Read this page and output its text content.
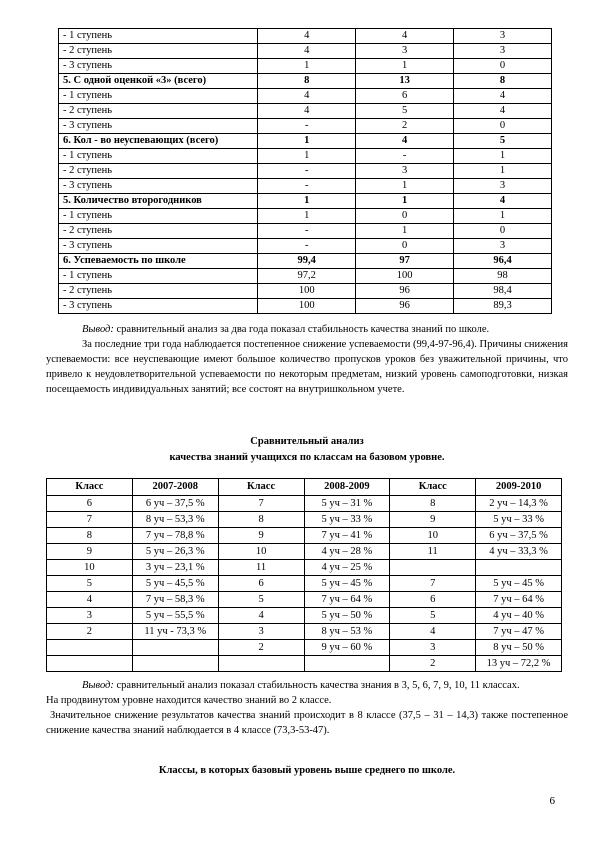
- 1 ступень	4	4	3
- 2 ступень	4	3	3
- 3 ступень	1	1	0
5. С одной оценкой «3» (всего)	8	13	8
- 1 ступень	4	6	4
- 2 ступень	4	5	4
- 3 ступень	-	2	0
6. Кол - во неуспевающих (всего)	1	4	5
- 1 ступень	1	-	1
- 2 ступень	-	3	1
- 3 ступень	-	1	3
5. Количество второгодников	1	1	4
- 1 ступень	1	0	1
- 2 ступень	-	1	0
- 3 ступень	-	0	3
6. Успеваемость по школе	99,4	97	96,4
- 1 ступень	97,2	100	98
- 2 ступень	100	96	98,4
- 3 ступень	100	96	89,3
Вывод: сравнительный анализ за два года показал стабильность качества знаний по школе.
За последние три года наблюдается постепенное снижение успеваемости (99,4-97-96,4). Причины снижения успеваемости: все неуспевающие имеют большое количество пропусков уроков без уважительной причины, что привело к неудовлетворительной успеваемости по некоторым предметам, низкий уровень самоподготовки, низкая посещаемость индивидуальных занятий; все состоят на внутришкольном учете.
Сравнительный анализ
качества знаний учащихся по классам на базовом уровне.
Класс	2007-2008	Класс	2008-2009	Класс	2009-2010
6	6 уч – 37,5 %	7	5 уч – 31 %	8	2 уч – 14,3 %
7	8 уч – 53,3 %	8	5 уч – 33 %	9	5 уч – 33 %
8	7 уч – 78,8 %	9	7 уч – 41 %	10	6 уч – 37,5 %
9	5 уч – 26,3 %	10	4 уч – 28 %	11	4 уч – 33,3 %
10	3 уч – 23,1 %	11	4 уч – 25 %		
5	5 уч – 45,5 %	6	5 уч – 45 %	7	5 уч – 45 %
4	7 уч – 58,3 %	5	7 уч – 64 %	6	7 уч – 64 %
3	5 уч – 55,5 %	4	5 уч – 50 %	5	4 уч – 40 %
2	11 уч - 73,3 %	3	8 уч – 53 %	4	7 уч – 47 %
		2	9 уч – 60 %	3	8 уч – 50 %
				2	13 уч – 72,2 %
Вывод: сравнительный анализ показал стабильность качества знания в 3, 5, 6, 7, 9, 10, 11 классах.
На продвинутом уровне находится качество знаний во 2 классе.
Значительное снижение результатов качества знаний происходит в 8 классе (37,5 – 31 – 14,3) также постепенное снижение качества знаний наблюдается в 4 классе (73,3-53-47).
Классы, в которых базовый уровень выше среднего по школе.
6
